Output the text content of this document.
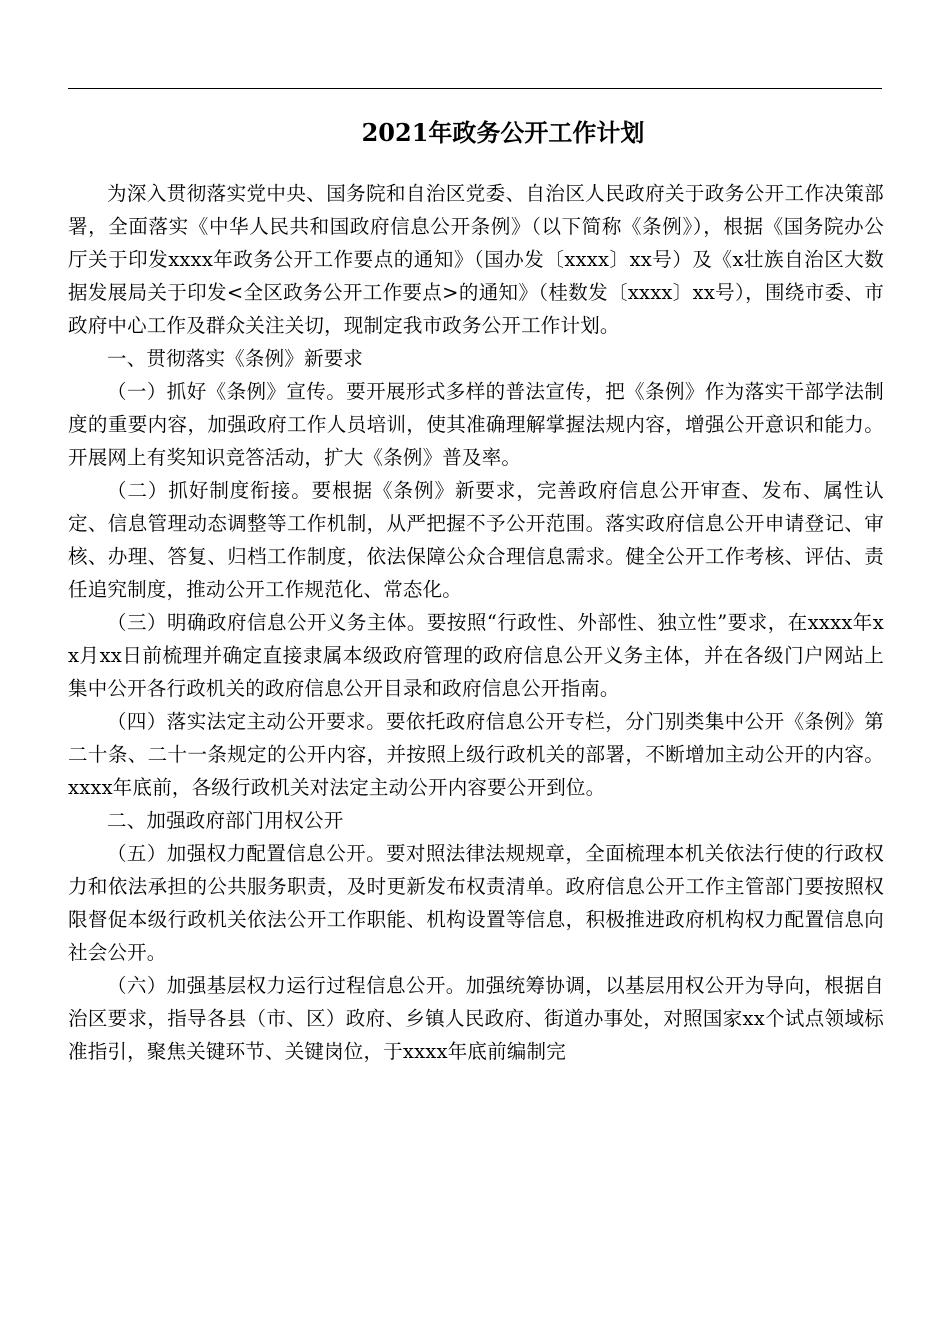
2021年政务公开工作计划

为深入贯彻落实党中央、国务院和自治区党委、自治区人民政府关于政务公开工作决策部署，全面落实《中华人民共和国政府信息公开条例》（以下简称《条例》），根据《国务院办公厅关于印发xxxx年政务公开工作要点的通知》（国办发〔xxxx〕xx号）及《x壮族自治区大数据发展局关于印发<全区政务公开工作要点>的通知》（桂数发〔xxxx〕xx号），围绕市委、市政府中心工作及群众关注关切，现制定我市政务公开工作计划。

一、贯彻落实《条例》新要求

（一）抓好《条例》宣传。要开展形式多样的普法宣传，把《条例》作为落实干部学法制度的重要内容，加强政府工作人员培训，使其准确理解掌握法规内容，增强公开意识和能力。开展网上有奖知识竞答活动，扩大《条例》普及率。

（二）抓好制度衔接。要根据《条例》新要求，完善政府信息公开审查、发布、属性认定、信息管理动态调整等工作机制，从严把握不予公开范围。落实政府信息公开申请登记、审核、办理、答复、归档工作制度，依法保障公众合理信息需求。健全公开工作考核、评估、责任追究制度，推动公开工作规范化、常态化。

（三）明确政府信息公开义务主体。要按照“行政性、外部性、独立性”要求，在xxxx年xx月xx日前梳理并确定直接隶属本级政府管理的政府信息公开义务主体，并在各级门户网站上集中公开各行政机关的政府信息公开目录和政府信息公开指南。

（四）落实法定主动公开要求。要依托政府信息公开专栏，分门别类集中公开《条例》第二十条、二十一条规定的公开内容，并按照上级行政机关的部署，不断增加主动公开的内容。xxxx年底前，各级行政机关对法定主动公开内容要公开到位。

二、加强政府部门用权公开

（五）加强权力配置信息公开。要对照法律法规规章，全面梳理本机关依法行使的行政权力和依法承担的公共服务职责，及时更新发布权责清单。政府信息公开工作主管部门要按照权限督促本级行政机关依法公开工作职能、机构设置等信息，积极推进政府机构权力配置信息向社会公开。

（六）加强基层权力运行过程信息公开。加强统筹协调，以基层用权公开为导向，根据自治区要求，指导各县（市、区）政府、乡镇人民政府、街道办事处，对照国家xx个试点领域标准指引，聚焦关键环节、关键岗位，于xxxx年底前编制完
